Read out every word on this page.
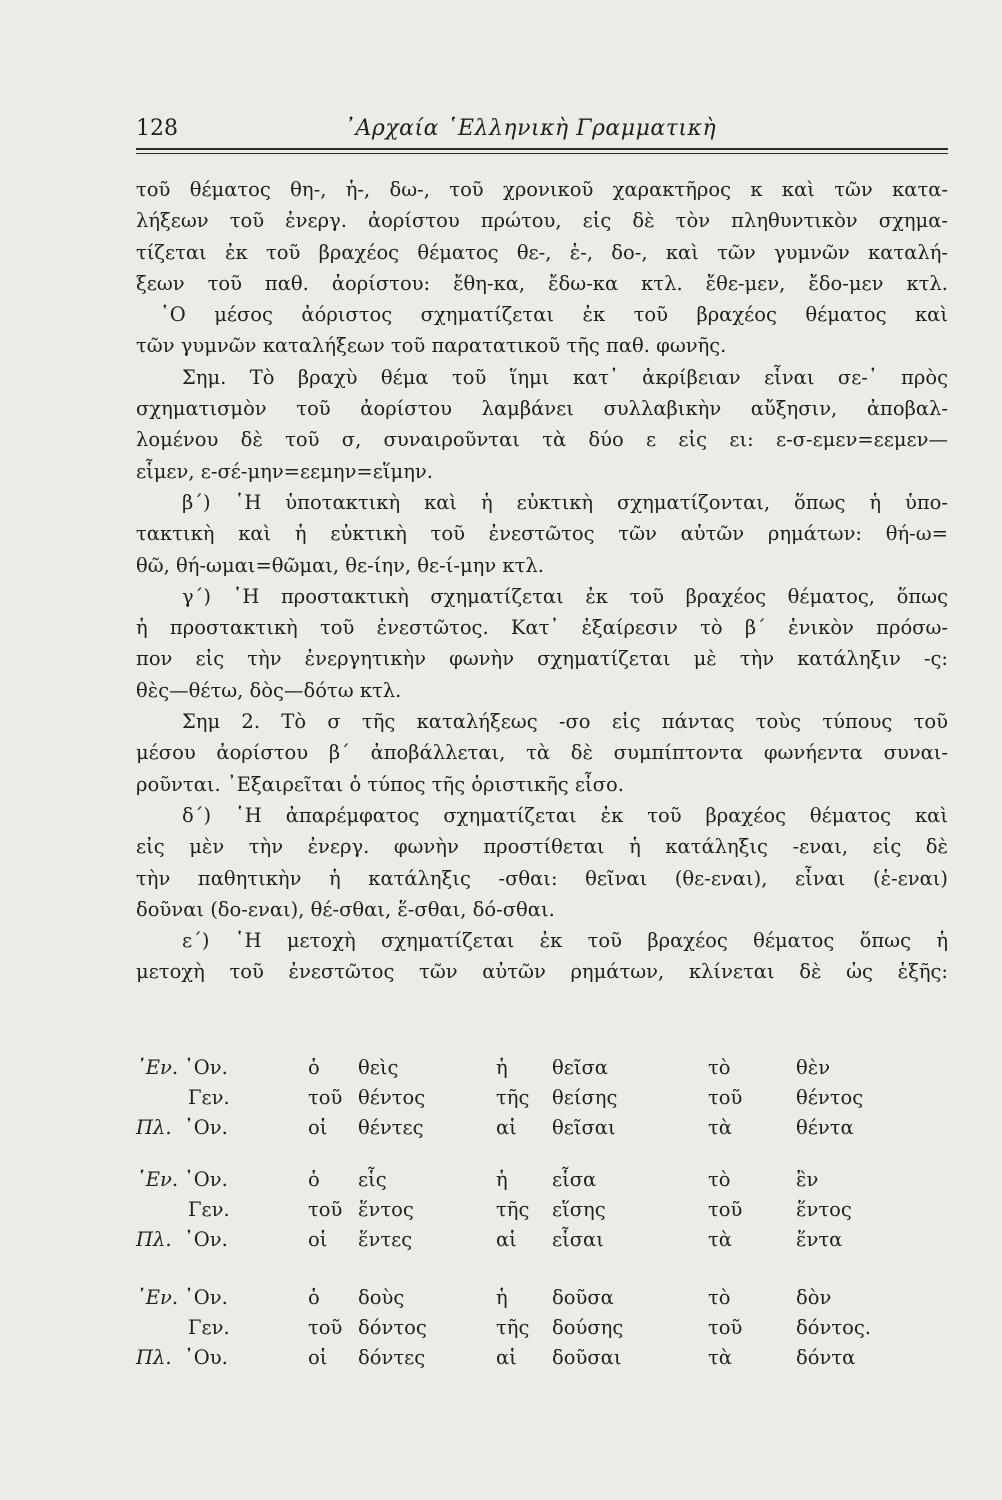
128	᾿Αρχαία ῾Ελληνικὴ Γραμματικὴ
τοῦ θέματος θη-, ἡ-, δω-, τοῦ χρονικοῦ χαρακτῆρος κ καὶ τῶν κατα-
λήξεων τοῦ ἐνεργ. ἀορίστου πρώτου, εἰς δὲ τὸν πληθυντικὸν σχημα-
τίζεται ἐκ τοῦ βραχέος θέματος θε-, ἑ-, δο-, καὶ τῶν γυμνῶν καταλή-
ξεων τοῦ παθ. ἀορίστου: ἔθη-κα, ἔδω-κα κτλ. ἔθε-μεν, ἔδο-μεν κτλ.
῾Ο μέσος ἀόριστος σχηματίζεται ἐκ τοῦ βραχέος θέματος καὶ
τῶν γυμνῶν καταλήξεων τοῦ παρατατικοῦ τῆς παθ. φωνῆς.
Σημ. Τὸ βραχὺ θέμα τοῦ ἵημι κατ᾿ ἀκρίβειαν εἶναι σε-᾿ πρὸς
σχηματισμὸν τοῦ ἀορίστου λαμβάνει συλλαβικὴν αὔξησιν, ἀποβαλ-
λομένου δὲ τοῦ σ, συναιροῦνται τὰ δύο ε εἰς ει: ε-σ-εμεν=εεμεν—
εἷμεν, ε-σέ-μην=εεμην=εἵμην.
β΄) ῾Η ὑποτακτικὴ καὶ ἡ εὐκτικὴ σχηματίζονται, ὅπως ἡ ὑπο-
τακτικὴ καὶ ἡ εὐκτικὴ τοῦ ἐνεστῶτος τῶν αὐτῶν ρημάτων: θή-ω=
θῶ, θή-ωμαι=θῶμαι, θε-ίην, θε-ί-μην κτλ.
γ΄) ῾Η προστακτικὴ σχηματίζεται ἐκ τοῦ βραχέος θέματος, ὅπως
ἡ προστακτικὴ τοῦ ἐνεστῶτος. Κατ᾿ ἐξαίρεσιν τὸ β΄ ἑνικὸν πρόσω-
πον εἰς τὴν ἐνεργητικὴν φωνὴν σχηματίζεται μὲ τὴν κατάληξιν -ς:
θὲς—θέτω, δὸς—δότω κτλ.
Σημ 2. Τὸ σ τῆς καταλήξεως -σο εἰς πάντας τοὺς τύπους τοῦ
μέσου ἀορίστου β΄ ἀποβάλλεται, τὰ δὲ συμπίπτοντα φωνήεντα συναι-
ροῦνται. ᾿Εξαιρεῖται ὁ τύπος τῆς ὁριστικῆς εἶσο.
δ΄) ῾Η ἀπαρέμφατος σχηματίζεται ἐκ τοῦ βραχέος θέματος καὶ
εἰς μὲν τὴν ἐνεργ. φωνὴν προστίθεται ἡ κατάληξις -εναι, εἰς δὲ
τὴν παθητικὴν ἡ κατάληξις -σθαι: θεῖναι (θε-εναι), εἶναι (ἑ-εναι)
δοῦναι (δο-εναι), θέ-σθαι, ἕ-σθαι, δό-σθαι.
ε΄) ῾Η μετοχὴ σχηματίζεται ἐκ τοῦ βραχέος θέματος ὅπως ἡ
μετοχὴ τοῦ ἐνεστῶτος τῶν αὐτῶν ρημάτων, κλίνεται δὲ ὡς ἑξῆς:
᾿Εν. ᾿Ον.	ὁ θεὶς	ἡ θεῖσα	τὸ	θὲν
Γεν.	τοῦ θέντος	τῆς θείσης	τοῦ	θέντος
Πλ. ᾿Ον.	οἱ θέντες	αἱ θεῖσαι	τὰ	θέντα
῾Εν. ᾿Ον.	ὁ εἷς	ἡ εἷσα	τὸ	ἓν
Γεν.	τοῦ ἕντος	τῆς εἵσης	τοῦ	ἕντος
Πλ. ᾿Ον.	οἱ ἕντες	αἱ εἷσαι	τὰ	ἕντα
῾Εν. ᾿Ον.	ὁ δοὺς	ἡ δοῦσα	τὸ	δὸν
Γεν.	τοῦ δόντος	τῆς δούσης	τοῦ	δόντος.
Πλ. ᾿Ου.	οἱ δόντες	αἱ δοῦσαι	τὰ	δόντα
